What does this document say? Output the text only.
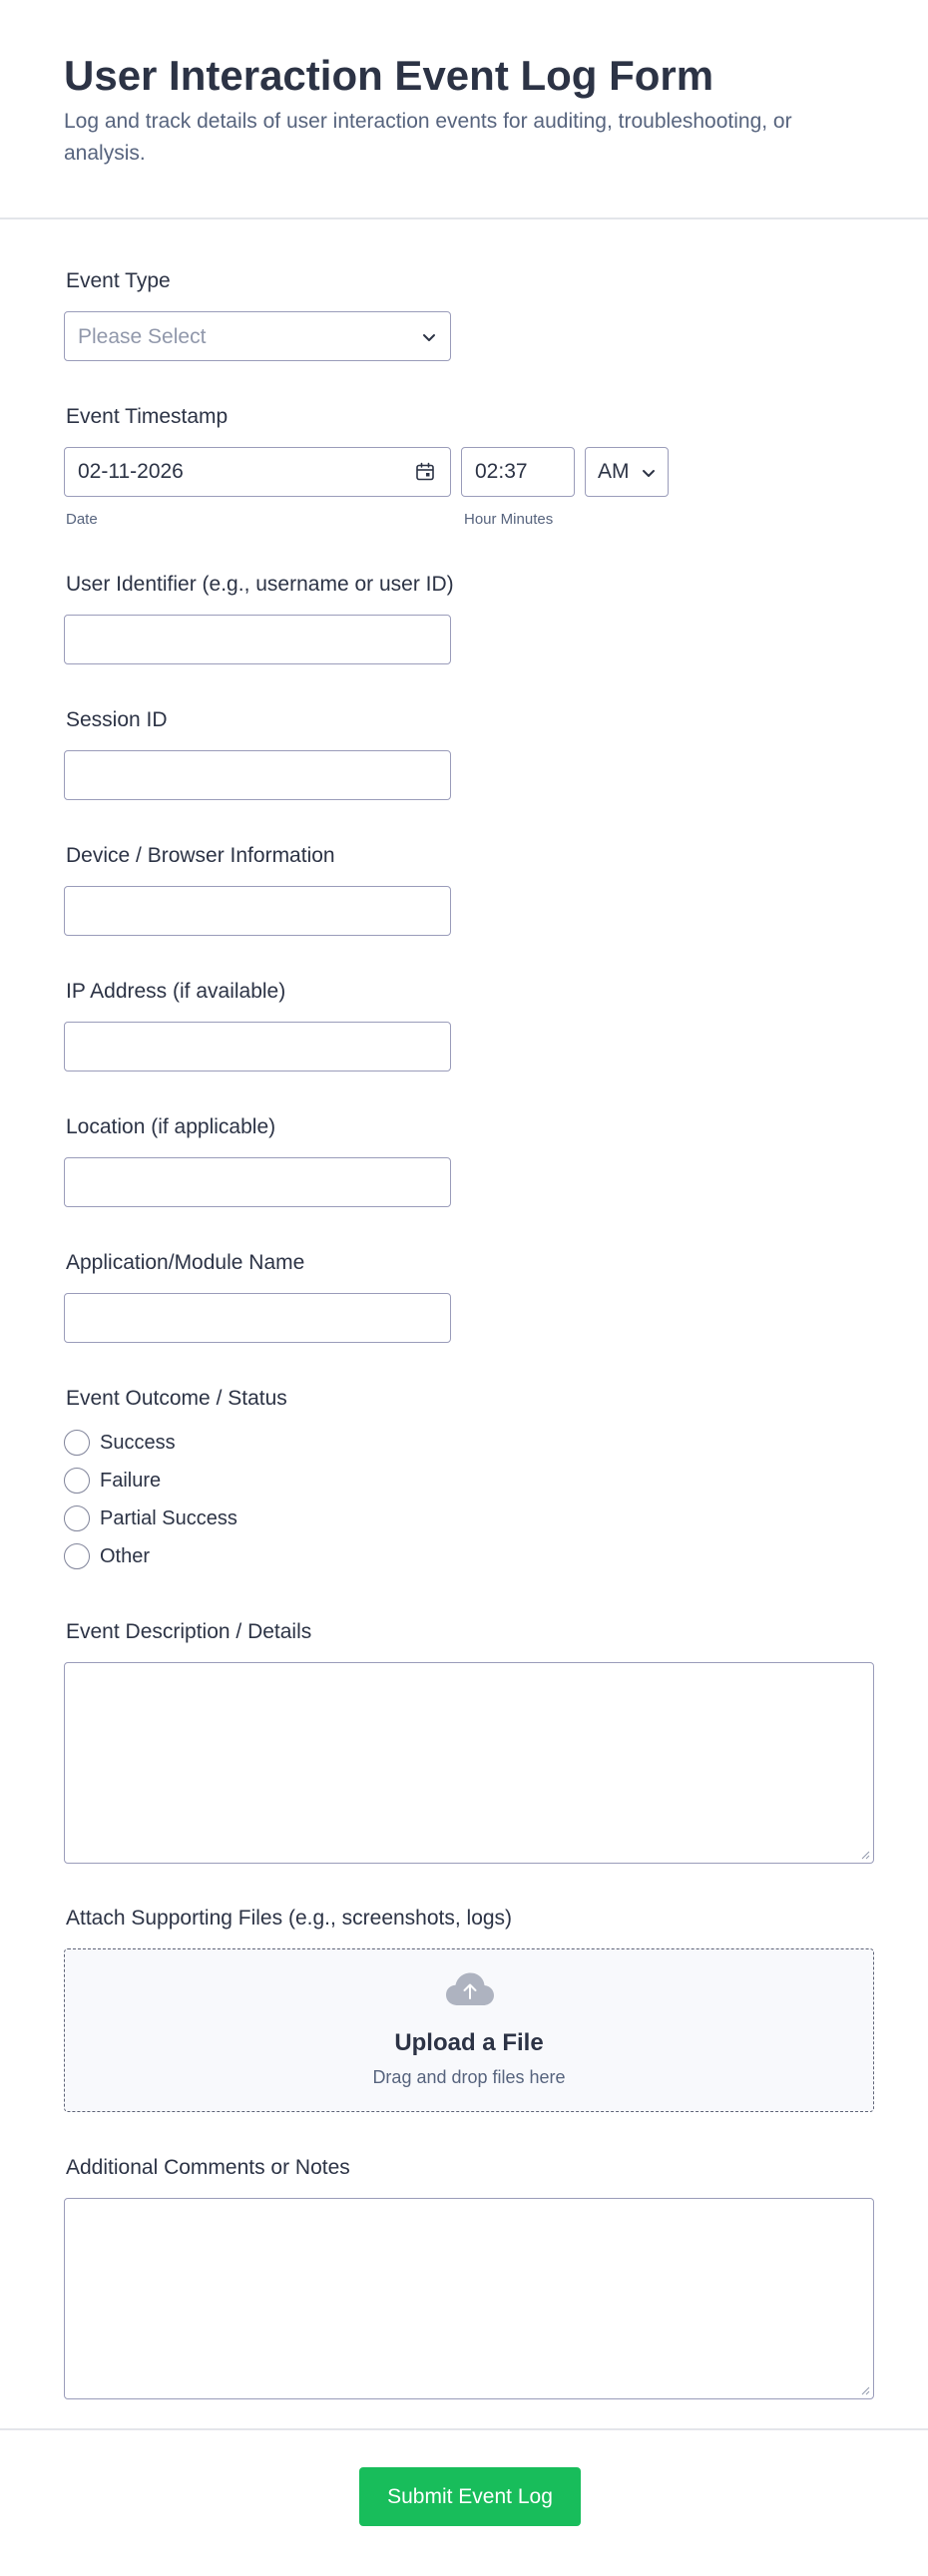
User Interaction Event Log Form

Log and track details of user interaction events for auditing, troubleshooting, or analysis.

Event Type
Please Select
Event Timestamp
02-11-2026
Date
02:37
Hour Minutes
AM
User Identifier (e.g., username or user ID)
Session ID
Device / Browser Information
IP Address (if available)
Location (if applicable)
Application/Module Name
Event Outcome / Status
Success
Failure
Partial Success
Other
Event Description / Details
Attach Supporting Files (e.g., screenshots, logs)
Upload a File
Drag and drop files here
Additional Comments or Notes
Submit Event Log
